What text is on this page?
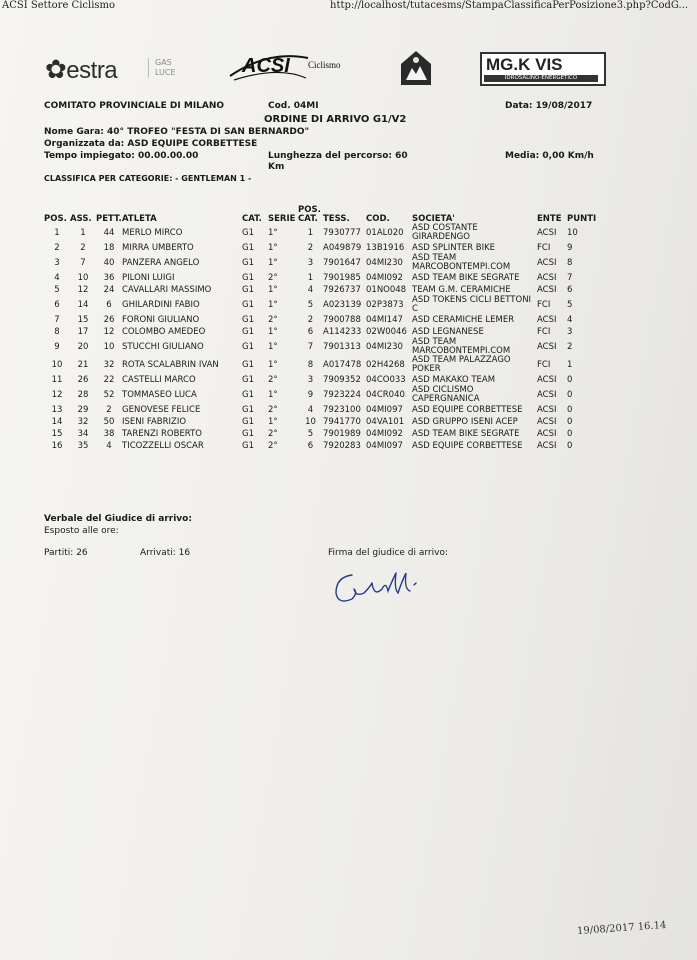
ACSI Settore Ciclismo	http://localhost/tutacesms/StampaClassificaPerPosizione3.php?CodG...
✿estra	GAS
LUCE	ACSI Ciclismo	MG.K VIS
IDROSALINO-ENERGETICO
COMITATO PROVINCIALE DI MILANO	Cod. 04MI	Data: 19/08/2017
ORDINE DI ARRIVO G1/V2
Nome Gara: 40° TROFEO "FESTA DI SAN BERNARDO"
Organizzata da: ASD EQUIPE CORBETTESE
Tempo impiegato: 00.00.00.00	Lunghezza del percorso: 60
Km
Media: 0,00 Km/h
CLASSIFICA PER CATEGORIE: - GENTLEMAN 1 -
POS.	ASS.	PETT.	ATLETA	CAT.	SERIE	POS.
CAT.	TESS.	COD.	SOCIETA'	ENTE	PUNTI
1	1	44	MERLO MIRCO	G1	1°	1	7930777	01AL020	ASD COSTANTE GIRARDENGO	ACSI	10
2	2	18	MIRRA UMBERTO	G1	1°	2	A049879	13B1916	ASD SPLINTER BIKE	FCI	9
3	7	40	PANZERA ANGELO	G1	1°	3	7901647	04MI230	ASD TEAM MARCOBONTEMPI.COM	ACSI	8
4	10	36	PILONI LUIGI	G1	2°	1	7901985	04MI092	ASD TEAM BIKE SEGRATE	ACSI	7
5	12	24	CAVALLARI MASSIMO	G1	1°	4	7926737	01NO048	TEAM G.M. CERAMICHE	ACSI	6
6	14	6	GHILARDINI FABIO	G1	1°	5	A023139	02P3873	ASD TOKENS CICLI BETTONI C	FCI	5
7	15	26	FORONI GIULIANO	G1	2°	2	7900788	04MI147	ASD CERAMICHE LEMER	ACSI	4
8	17	12	COLOMBO AMEDEO	G1	1°	6	A114233	02W0046	ASD LEGNANESE	FCI	3
9	20	10	STUCCHI GIULIANO	G1	1°	7	7901313	04MI230	ASD TEAM MARCOBONTEMPI.COM	ACSI	2
10	21	32	ROTA SCALABRIN IVAN	G1	1°	8	A017478	02H4268	ASD TEAM PALAZZAGO POKER	FCI	1
11	26	22	CASTELLI MARCO	G1	2°	3	7909352	04CO033	ASD MAKAKO TEAM	ACSI	0
12	28	52	TOMMASEO LUCA	G1	1°	9	7923224	04CR040	ASD CICLISMO CAPERGNANICA	ACSI	0
13	29	2	GENOVESE FELICE	G1	2°	4	7923100	04MI097	ASD EQUIPE CORBETTESE	ACSI	0
14	32	50	ISENI FABRIZIO	G1	1°	10	7941770	04VA101	ASD GRUPPO ISENI ACEP	ACSI	0
15	34	38	TARENZI ROBERTO	G1	2°	5	7901989	04MI092	ASD TEAM BIKE SEGRATE	ACSI	0
16	35	4	TICOZZELLI OSCAR	G1	2°	6	7920283	04MI097	ASD EQUIPE CORBETTESE	ACSI	0
Verbale del Giudice di arrivo:
Esposto alle ore:
Partiti: 26	Arrivati: 16	Firma del giudice di arrivo:
19/08/2017 16.14
